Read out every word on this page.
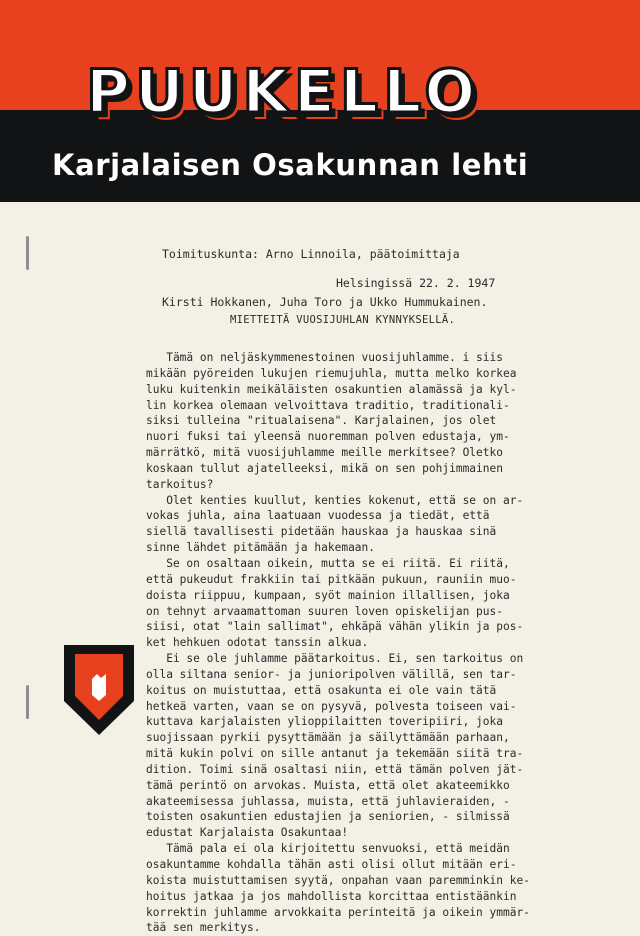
PUUKELLO
Karjalaisen Osakunnan lehti

Toimituskunta: Arno Linnoila, päätoimittaja

Kirsti Hokkanen, Juha Toro ja Ukko Hummukainen.

Helsingissä 22. 2. 1947
MIETTEITÄ VUOSIJUHLAN KYNNYKSELLÄ.
Tämä on neljäskymmenestoinen vuosijuhlamme. i siis
mikään pyöreiden lukujen riemujuhla, mutta melko korkea
luku kuitenkin meikäläisten osakuntien alamässä ja kyl-
lin korkea olemaan velvoittava traditio, traditionali-
siksi tulleina "ritualaisena". Karjalainen, jos olet
nuori fuksi tai yleensä nuoremman polven edustaja, ym-
märrätkö, mitä vuosijuhlamme meille merkitsee? Oletko
koskaan tullut ajatelleeksi, mikä on sen pohjimmainen
tarkoitus?
Olet kenties kuullut, kenties kokenut, että se on ar-
vokas juhla, aina laatuaan vuodessa ja tiedät, että
siellä tavallisesti pidetään hauskaa ja hauskaa sinä
sinne lähdet pitämään ja hakemaan.
Se on osaltaan oikein, mutta se ei riitä. Ei riitä,
että pukeudut frakkiin tai pitkään pukuun, rauniin muo-
doista riippuu, kumpaan, syöt mainion illallisen, joka
on tehnyt arvaamattoman suuren loven opiskelijan pus-
siisi, otat "lain sallimat", ehkäpä vähän ylikin ja pos-
ket hehkuen odotat tanssin alkua.
Ei se ole juhlamme päätarkoitus. Ei, sen tarkoitus on
olla siltana senior- ja junioripolven välillä, sen tar-
koitus on muistuttaa, että osakunta ei ole vain tätä
hetkeä varten, vaan se on pysyvä, polvesta toiseen vai-
kuttava karjalaisten ylioppilaitten toveripiiri, joka
suojissaan pyrkii pysyttämään ja säilyttämään parhaan,
mitä kukin polvi on sille antanut ja tekemään siitä tra-
dition. Toimi sinä osaltasi niin, että tämän polven jät-
tämä perintö on arvokas. Muista, että olet akateemikko
akateemisessa juhlassa, muista, että juhlavieraiden, -
toisten osakuntien edustajien ja seniorien, - silmissä
edustat Karjalaista Osakuntaa!
Tämä pala ei ola kirjoitettu senvuoksi, että meidän
osakuntamme kohdalla tähän asti olisi ollut mitään eri-
koista muistuttamisen syytä, onpahan vaan paremminkin ke-
hoitus jatkaa ja jos mahdollista korcittaa entistäänkin
korrektin juhlamme arvokkaita perinteitä ja oikein ymmär-
tää sen merkitys.
